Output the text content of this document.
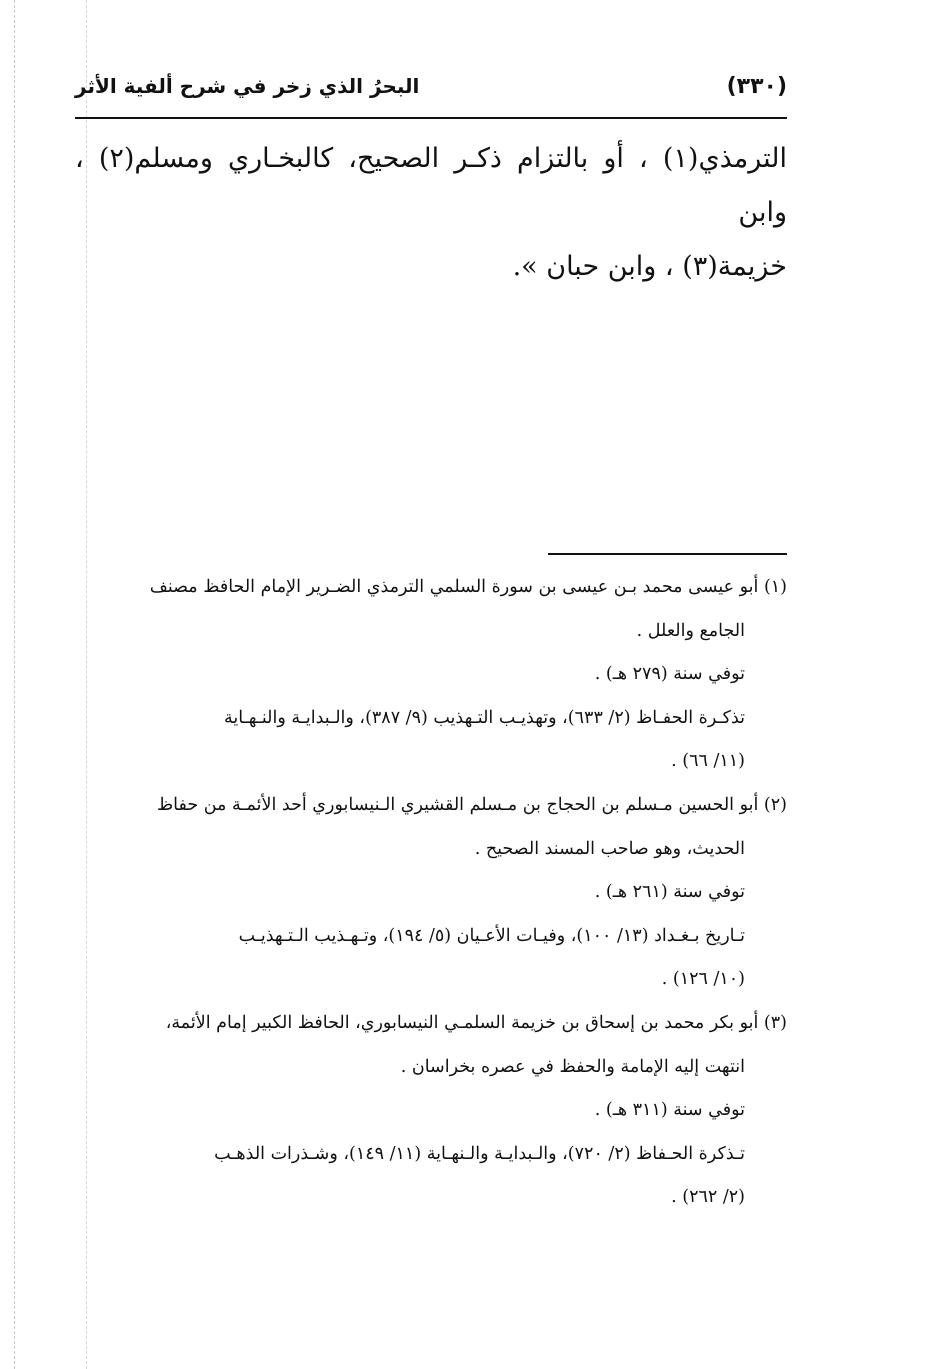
(٣٣٠)
البحرُ الذي زخر في شرح ألفية الأثر

الترمذي(١) ، أو بالتزام ذكـر الصحيح، كالبخـاري ومسلم(٢) ، وابن

خزيمة(٣) ، وابن حبان ».

(١) أبو عيسى محمد بـن عيسى بن سورة السلمي الترمذي الضـرير الإمام الحافظ مصنف

الجامع والعلل .

توفي سنة (٢٧٩ هـ) .

تذكـرة الحفـاظ (٢/ ٦٣٣)، وتهذيـب التـهذيب (٩/ ٣٨٧)، والـبدايـة والنـهـاية

(١١/ ٦٦) .

(٢) أبو الحسين مـسلم بن الحجاج بن مـسلم القشيري الـنيسابوري أحد الأئمـة من حفاظ

الحديث، وهو صاحب المسند الصحيح .

توفي سنة (٢٦١ هـ) .

تـاريخ بـغـداد (١٣/ ١٠٠)، وفيـات الأعـيان (٥/ ١٩٤)، وتـهـذيب الـتـهذيـب

(١٠/ ١٢٦) .

(٣) أبو بكر محمد بن إسحاق بن خزيمة السلمـي النيسابوري، الحافظ الكبير إمام الأئمة،

انتهت إليه الإمامة والحفظ في عصره بخراسان .

توفي سنة (٣١١ هـ) .

تـذكرة الحـفاظ (٢/ ٧٢٠)، والـبدايـة والـنهـاية (١١/ ١٤٩)، وشـذرات الذهـب

(٢/ ٢٦٢) .
